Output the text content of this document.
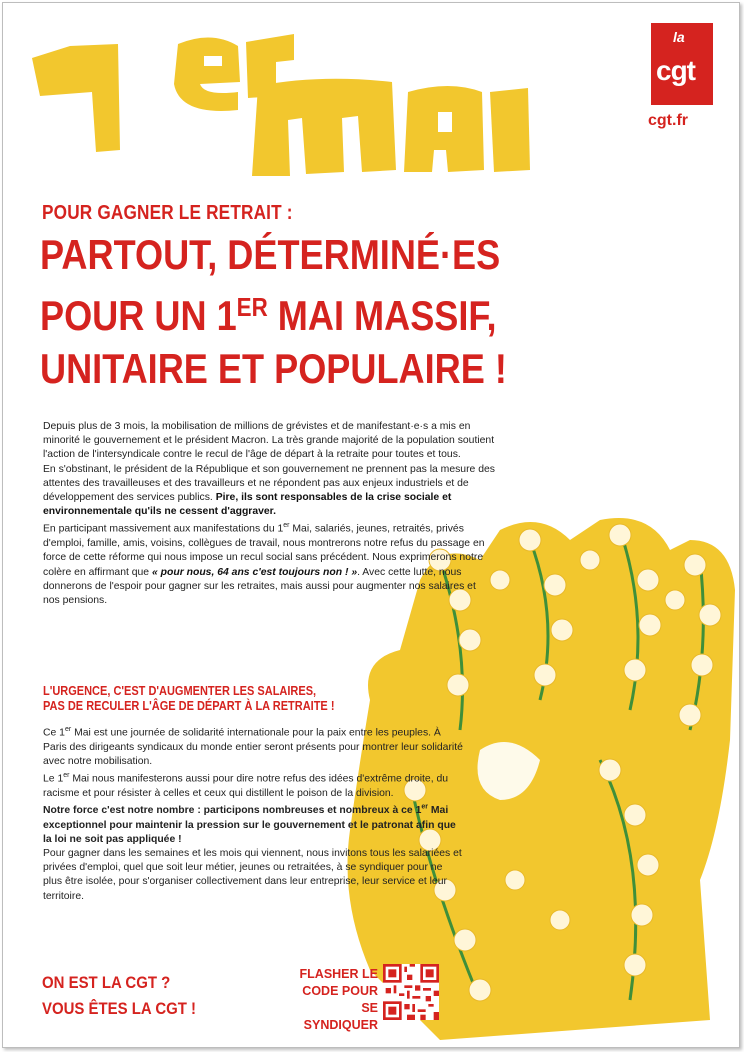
la
cgt
cgt.fr
POUR GAGNER LE RETRAIT :
PARTOUT, DÉTERMINÉ·ES
POUR UN 1ER MAI MASSIF,
UNITAIRE ET POPULAIRE !

Depuis plus de 3 mois, la mobilisation de millions de grévistes et de manifestant·e·s a mis en minorité le gouvernement et le président Macron. La très grande majorité de la population soutient l'action de l'intersyndicale contre le recul de l'âge de départ à la retraite pour toutes et tous.

En s'obstinant, le président de la République et son gouvernement ne prennent pas la mesure des attentes des travailleuses et des travailleurs et ne répondent pas aux enjeux industriels et de développement des services publics. Pire, ils sont responsables de la crise sociale et environnementale qu'ils ne cessent d'aggraver.

En participant massivement aux manifestations du 1er Mai, salariés, jeunes, retraités, privés d'emploi, famille, amis, voisins, collègues de travail, nous montrerons notre refus du passage en force de cette réforme qui nous impose un recul social sans précédent. Nous exprimerons notre colère en affirmant que « pour nous, 64 ans c'est toujours non ! ». Avec cette lutte, nous donnerons de l'espoir pour gagner sur les retraites, mais aussi pour augmenter nos salaires et nos pensions.

L'URGENCE, C'EST D'AUGMENTER LES SALAIRES,
PAS DE RECULER L'ÂGE DE DÉPART À LA RETRAITE !

Ce 1er Mai est une journée de solidarité internationale pour la paix entre les peuples. À Paris des dirigeants syndicaux du monde entier seront présents pour montrer leur solidarité avec notre mobilisation.

Le 1er Mai nous manifesterons aussi pour dire notre refus des idées d'extrême droite, du racisme et pour résister à celles et ceux qui distillent le poison de la division.

Notre force c'est notre nombre : participons nombreuses et nombreux à ce 1er Mai exceptionnel pour maintenir la pression sur le gouvernement et le patronat afin que la loi ne soit pas appliquée !

Pour gagner dans les semaines et les mois qui viennent, nous invitons tous les salariées et privées d'emploi, quel que soit leur métier, jeunes ou retraitées, à se syndiquer pour ne plus être isolée, pour s'organiser collectivement dans leur entreprise, leur service et leur territoire.

ON EST LA CGT ?
VOUS ÊTES LA CGT !
FLASHER LE
CODE POUR
SE SYNDIQUER
